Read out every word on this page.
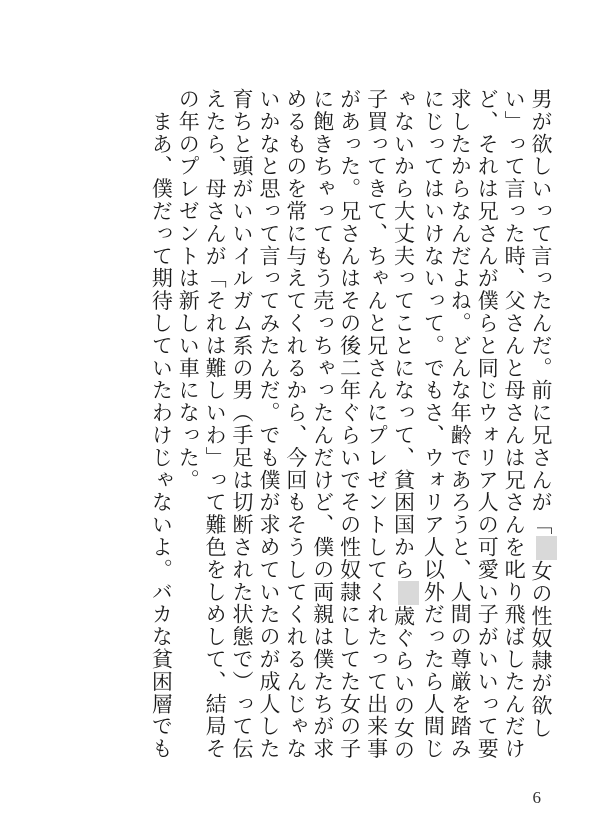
男が欲しいって言ったんだ。前に兄さんが「女の性奴隷が欲し
い」って言った時、父さんと母さんは兄さんを叱り飛ばしたんだけ
ど、それは兄さんが僕らと同じウォリア人の可愛い子がいいって要
求したからなんだよね。どんな年齢であろうと、人間の尊厳を踏み
にじってはいけないって。でもさ、ウォリア人以外だったら人間じ
ゃないから大丈夫ってことになって、貧困国から歳ぐらいの女の
子買ってきて、ちゃんと兄さんにプレゼントしてくれたって出来事
があった。兄さんはその後二年ぐらいでその性奴隷にしてた女の子
に飽きちゃってもう売っちゃったんだけど、僕の両親は僕たちが求
めるものを常に与えてくれるから、今回もそうしてくれるんじゃな
いかなと思って言ってみたんだ。でも僕が求めていたのが成人した
育ちと頭がいいイルガム系の男（手足は切断された状態で）って伝
えたら、母さんが「それは難しいわ」って難色をしめして、結局そ
の年のプレゼントは新しい車になった。
　まあ、僕だって期待していたわけじゃないよ。バカな貧困層でも
6
